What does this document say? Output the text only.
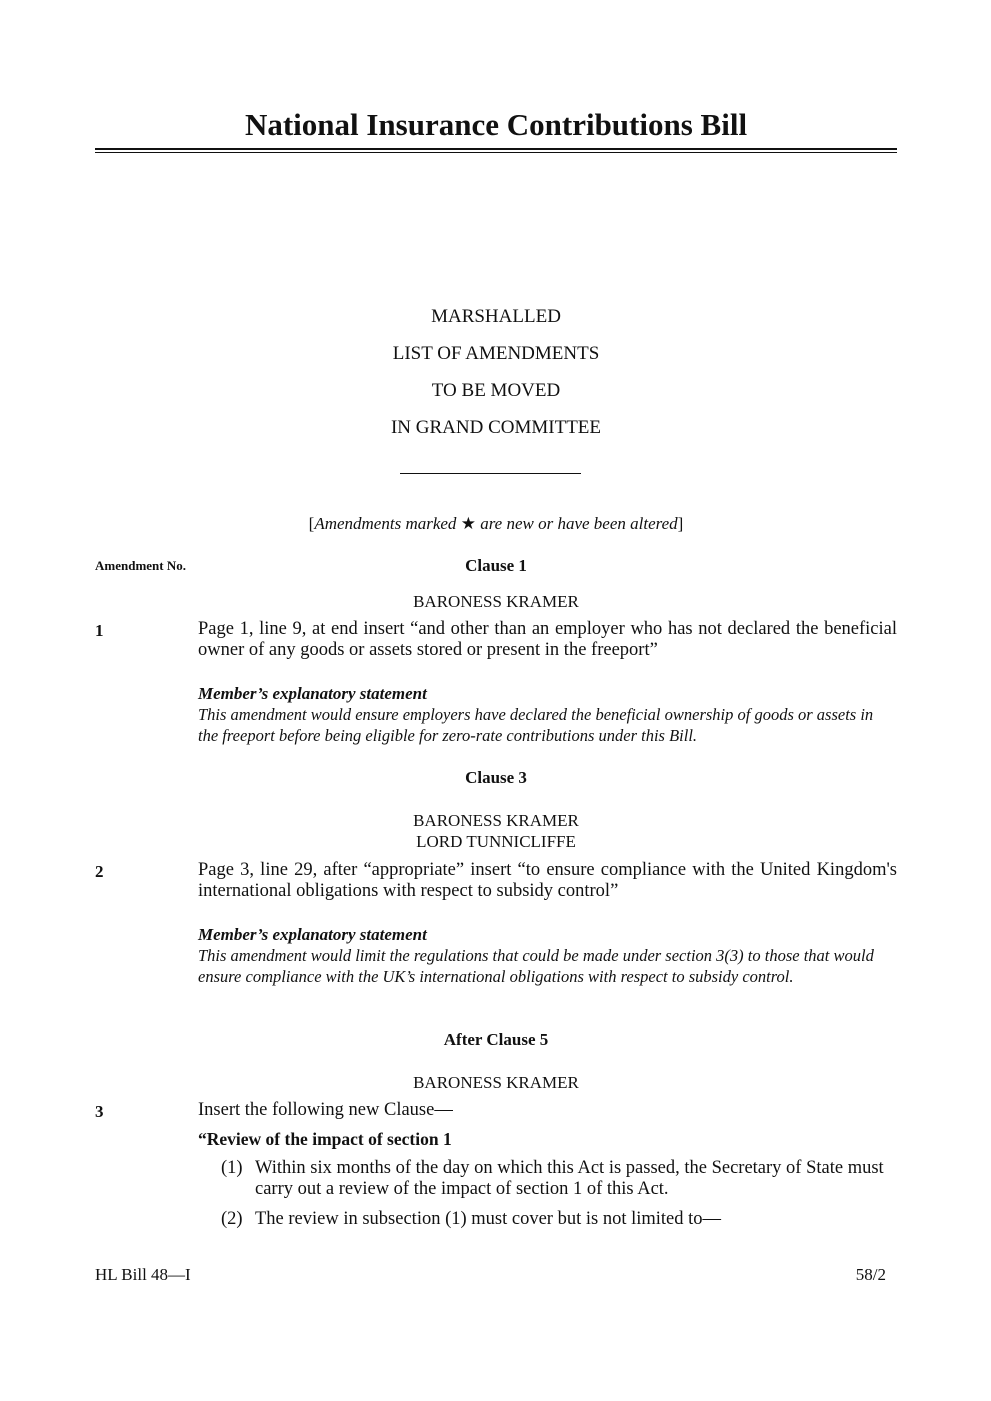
National Insurance Contributions Bill
MARSHALLED
LIST OF AMENDMENTS
TO BE MOVED
IN GRAND COMMITTEE
[Amendments marked ★ are new or have been altered]
Amendment No.	Clause 1
BARONESS KRAMER
1	Page 1, line 9, at end insert “and other than an employer who has not declared the beneficial owner of any goods or assets stored or present in the freeport”
Member’s explanatory statement
This amendment would ensure employers have declared the beneficial ownership of goods or assets in the freeport before being eligible for zero-rate contributions under this Bill.
Clause 3
BARONESS KRAMER
LORD TUNNICLIFFE
2	Page 3, line 29, after “appropriate” insert “to ensure compliance with the United Kingdom's international obligations with respect to subsidy control”
Member’s explanatory statement
This amendment would limit the regulations that could be made under section 3(3) to those that would ensure compliance with the UK’s international obligations with respect to subsidy control.
After Clause 5
BARONESS KRAMER
3	Insert the following new Clause—
“Review of the impact of section 1
(1) Within six months of the day on which this Act is passed, the Secretary of State must carry out a review of the impact of section 1 of this Act.
(2) The review in subsection (1) must cover but is not limited to—
HL Bill 48—I	58/2
